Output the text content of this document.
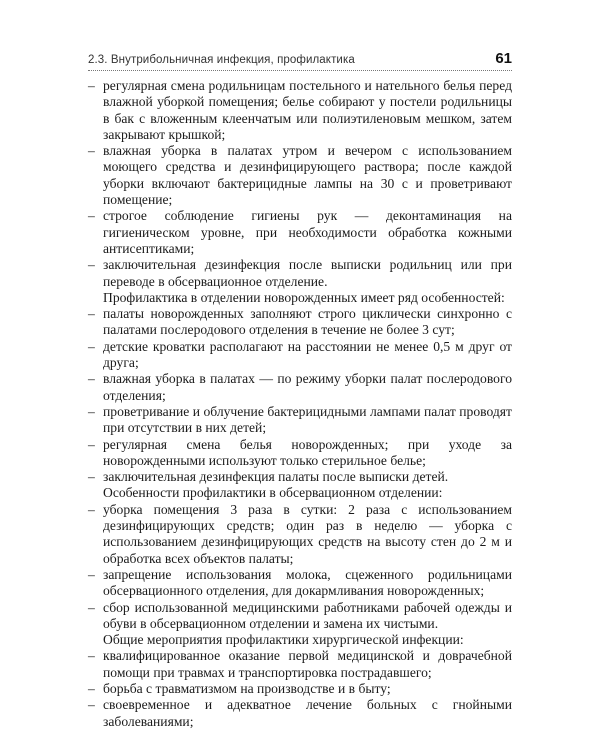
2.3. Внутрибольничная инфекция, профилактика	61
– регулярная смена родильницам постельного и нательного белья перед влажной уборкой помещения; белье собирают у постели родильницы в бак с вложенным клеенчатым или полиэтиленовым мешком, затем закрывают крышкой;
– влажная уборка в палатах утром и вечером с использованием моющего средства и дезинфицирующего раствора; после каждой уборки включают бактерицидные лампы на 30 с и проветривают помещение;
– строгое соблюдение гигиены рук — деконтаминация на гигиеническом уровне, при необходимости обработка кожными антисептиками;
– заключительная дезинфекция после выписки родильниц или при переводе в обсервационное отделение.
Профилактика в отделении новорожденных имеет ряд особенностей:
– палаты новорожденных заполняют строго циклически синхронно с палатами послеродового отделения в течение не более 3 сут;
– детские кроватки располагают на расстоянии не менее 0,5 м друг от друга;
– влажная уборка в палатах — по режиму уборки палат послеродового отделения;
– проветривание и облучение бактерицидными лампами палат проводят при отсутствии в них детей;
– регулярная смена белья новорожденных; при уходе за новорожденными используют только стерильное белье;
– заключительная дезинфекция палаты после выписки детей.
Особенности профилактики в обсервационном отделении:
– уборка помещения 3 раза в сутки: 2 раза с использованием дезинфицирующих средств; один раз в неделю — уборка с использованием дезинфицирующих средств на высоту стен до 2 м и обработка всех объектов палаты;
– запрещение использования молока, сцеженного родильницами обсервационного отделения, для докармливания новорожденных;
– сбор использованной медицинскими работниками рабочей одежды и обуви в обсервационном отделении и замена их чистыми.
Общие мероприятия профилактики хирургической инфекции:
– квалифицированное оказание первой медицинской и доврачебной помощи при травмах и транспортировка пострадавшего;
– борьба с травматизмом на производстве и в быту;
– своевременное и адекватное лечение больных с гнойными заболеваниями;
